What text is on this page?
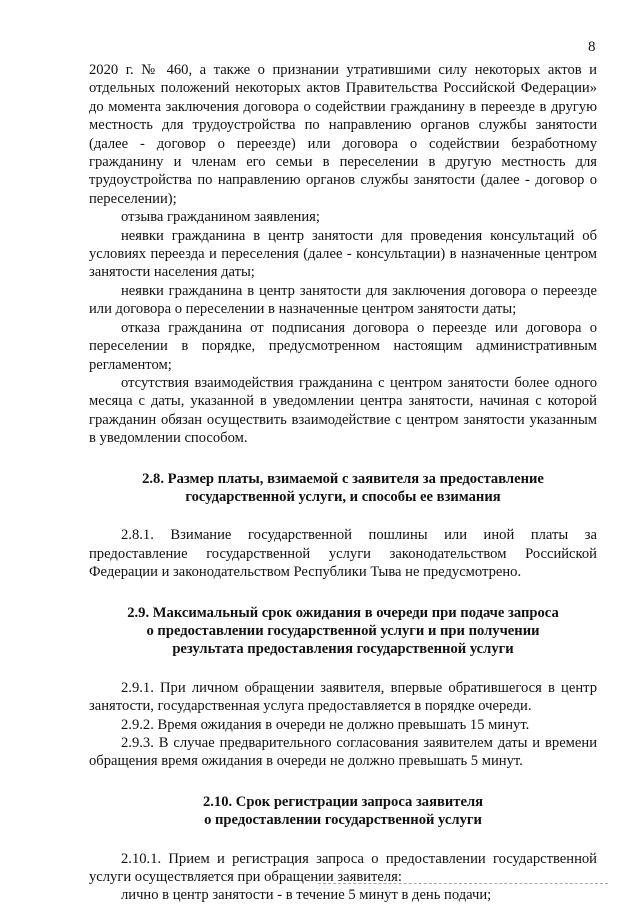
8

2020 г. № 460, а также о признании утратившими силу некоторых актов и отдельных положений некоторых актов Правительства Российской Федерации» до момента заключения договора о содействии гражданину в переезде в другую местность для трудоустройства по направлению органов службы занятости (далее - договор о переезде) или договора о содействии безработному гражданину и членам его семьи в переселении в другую местность для трудоустройства по направлению органов службы занятости (далее - договор о переселении);

отзыва гражданином заявления;

неявки гражданина в центр занятости для проведения консультаций об условиях переезда и переселения (далее - консультации) в назначенные центром занятости населения даты;

неявки гражданина в центр занятости для заключения договора о переезде или договора о переселении в назначенные центром занятости даты;

отказа гражданина от подписания договора о переезде или договора о переселении в порядке, предусмотренном настоящим административным регламентом;

отсутствия взаимодействия гражданина с центром занятости более одного месяца с даты, указанной в уведомлении центра занятости, начиная с которой гражданин обязан осуществить взаимодействие с центром занятости указанным в уведомлении способом.

2.8. Размер платы, взимаемой с заявителя за предоставление
государственной услуги, и способы ее взимания

2.8.1. Взимание государственной пошлины или иной платы за предоставление государственной услуги законодательством Российской Федерации и законодательством Республики Тыва не предусмотрено.

2.9. Максимальный срок ожидания в очереди при подаче запроса
о предоставлении государственной услуги и при получении
результата предоставления государственной услуги

2.9.1. При личном обращении заявителя, впервые обратившегося в центр занятости, государственная услуга предоставляется в порядке очереди.

2.9.2. Время ожидания в очереди не должно превышать 15 минут.

2.9.3. В случае предварительного согласования заявителем даты и времени обращения время ожидания в очереди не должно превышать 5 минут.

2.10. Срок регистрации запроса заявителя
о предоставлении государственной услуги

2.10.1. Прием и регистрация запроса о предоставлении государственной услуги осуществляется при обращении заявителя:

лично в центр занятости - в течение 5 минут в день подачи;
